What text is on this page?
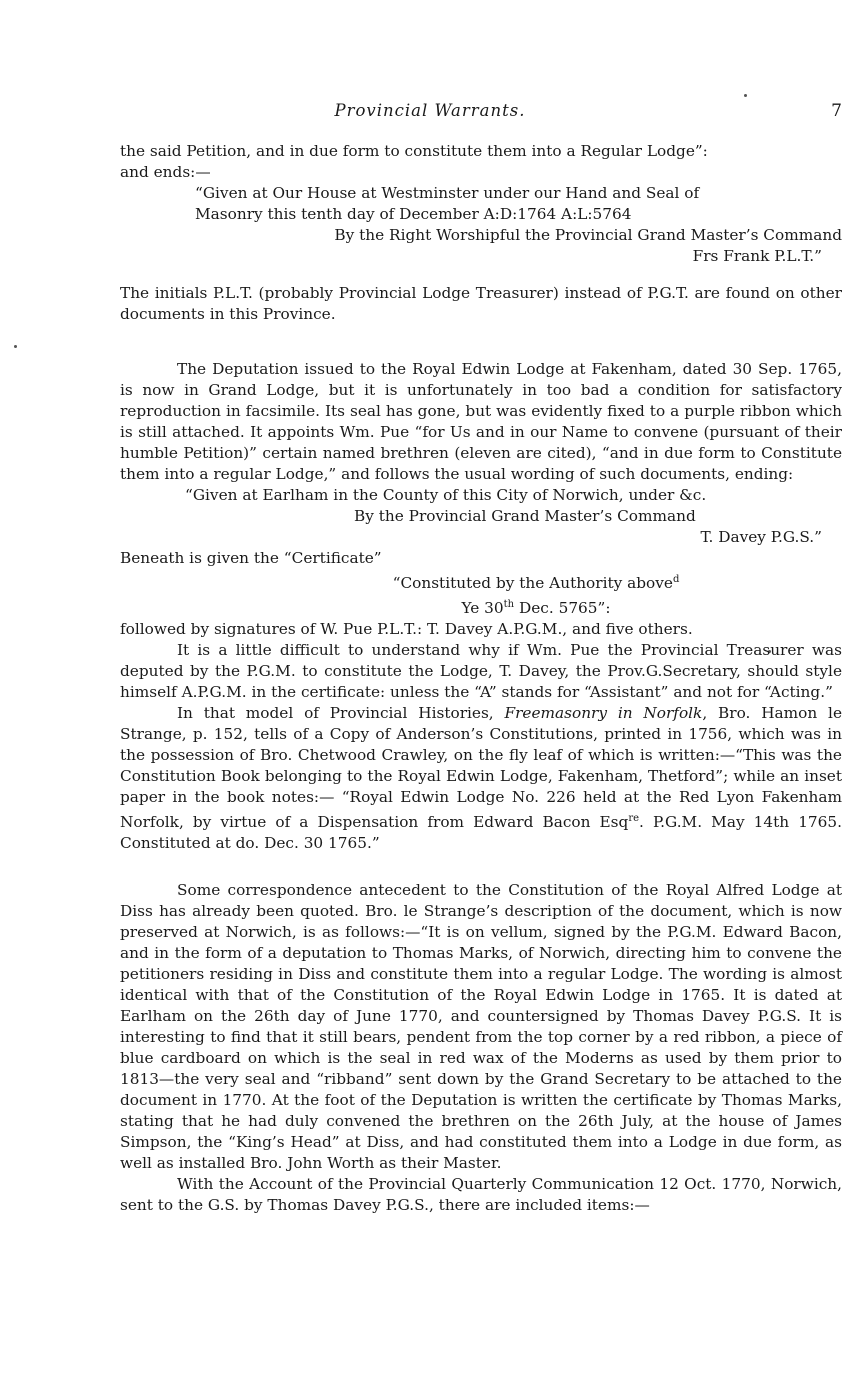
Provincial Warrants.	7

the said Petition, and in due form to constitute them into a Regular Lodge”:

and ends:—

“Given at Our House at Westminster under our Hand and Seal of
Masonry this tenth day of December A:D:1764 A:L:5764

By the Right Worshipful the Provincial Grand Master’s Command

Frs Frank P.L.T.”

The initials P.L.T. (probably Provincial Lodge Treasurer) instead of P.G.T. are found on other documents in this Province.

The Deputation issued to the Royal Edwin Lodge at Fakenham, dated 30 Sep. 1765, is now in Grand Lodge, but it is unfortunately in too bad a condition for satisfactory reproduction in facsimile. Its seal has gone, but was evidently fixed to a purple ribbon which is still attached. It appoints Wm. Pue “for Us and in our Name to convene (pursuant of their humble Petition)” certain named brethren (eleven are cited), “and in due form to Constitute them into a regular Lodge,” and follows the usual wording of such documents, ending:

“Given at Earlham in the County of this City of Norwich, under &c.

By the Provincial Grand Master’s Command

T. Davey P.G.S.”

Beneath is given the “Certificate”

“Constituted by the Authority above$^d$

Ye 30th Dec. 5765”:

followed by signatures of W. Pue P.L.T.: T. Davey A.P.G.M., and five others.

It is a little difficult to understand why if Wm. Pue the Provincial Treasurer was deputed by the P.G.M. to constitute the Lodge, T. Davey, the Prov.G.Secretary, should style himself A.P.G.M. in the certificate: unless the “A” stands for “Assistant” and not for “Acting.”

In that model of Provincial Histories, Freemasonry in Norfolk, Bro. Hamon le Strange, p. 152, tells of a Copy of Anderson’s Constitutions, printed in 1756, which was in the possession of Bro. Chetwood Crawley, on the fly leaf of which is written:—“This was the Constitution Book belonging to the Royal Edwin Lodge, Fakenham, Thetford”; while an inset paper in the book notes:— “Royal Edwin Lodge No. 226 held at the Red Lyon Fakenham Norfolk, by virtue of a Dispensation from Edward Bacon Esq$^{re}$. P.G.M. May 14th 1765. Constituted at do. Dec. 30 1765.”

Some correspondence antecedent to the Constitution of the Royal Alfred Lodge at Diss has already been quoted. Bro. le Strange’s description of the document, which is now preserved at Norwich, is as follows:—“It is on vellum, signed by the P.G.M. Edward Bacon, and in the form of a deputation to Thomas Marks, of Norwich, directing him to convene the petitioners residing in Diss and constitute them into a regular Lodge. The wording is almost identical with that of the Constitution of the Royal Edwin Lodge in 1765. It is dated at Earlham on the 26th day of June 1770, and countersigned by Thomas Davey P.G.S. It is interesting to find that it still bears, pendent from the top corner by a red ribbon, a piece of blue cardboard on which is the seal in red wax of the Moderns as used by them prior to 1813—the very seal and “ribband” sent down by the Grand Secretary to be attached to the document in 1770. At the foot of the Deputation is written the certificate by Thomas Marks, stating that he had duly convened the brethren on the 26th July, at the house of James Simpson, the “King’s Head” at Diss, and had constituted them into a Lodge in due form, as well as installed Bro. John Worth as their Master.

With the Account of the Provincial Quarterly Communication 12 Oct. 1770, Norwich, sent to the G.S. by Thomas Davey P.G.S., there are included items:—
